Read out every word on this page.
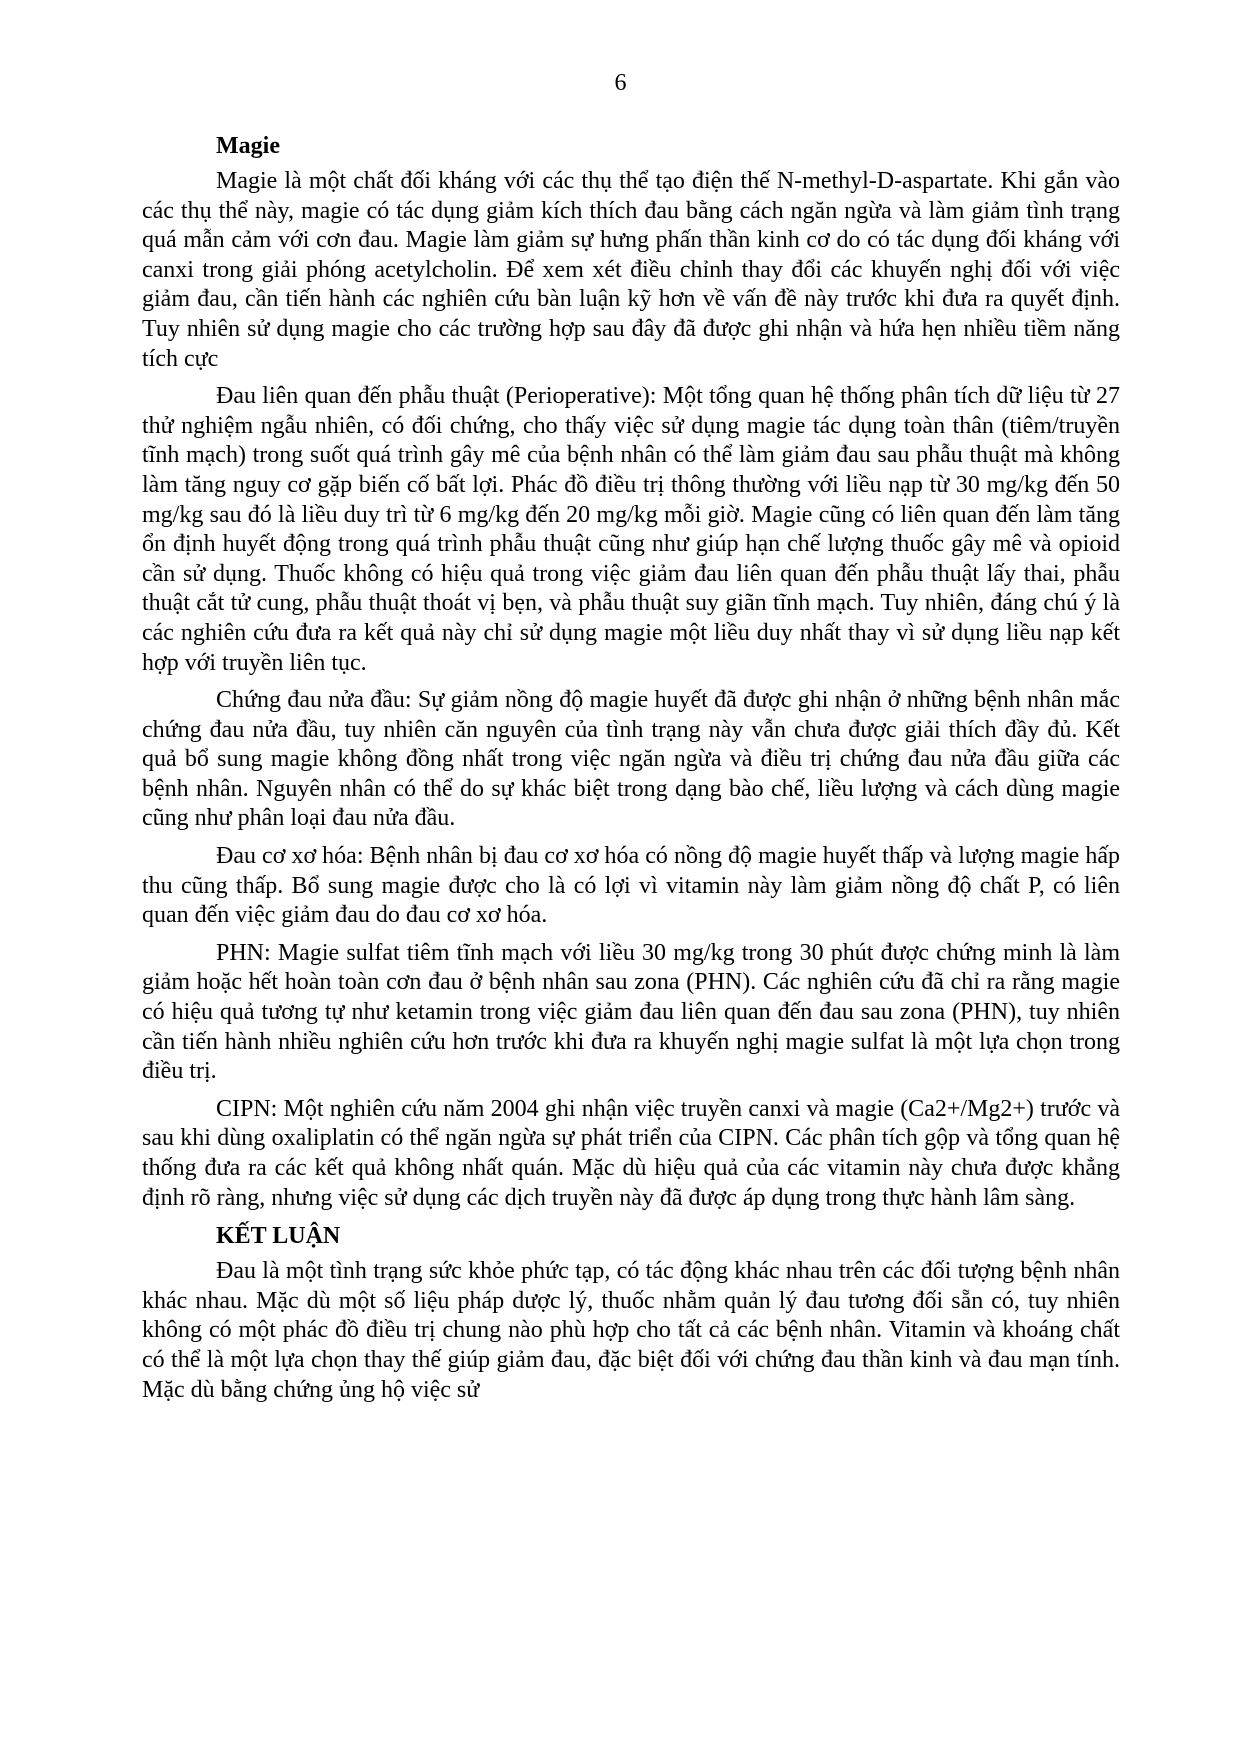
6
Magie

Magie là một chất đối kháng với các thụ thể tạo điện thế N-methyl-D-aspartate. Khi gắn vào các thụ thể này, magie có tác dụng giảm kích thích đau bằng cách ngăn ngừa và làm giảm tình trạng quá mẫn cảm với cơn đau. Magie làm giảm sự hưng phấn thần kinh cơ do có tác dụng đối kháng với canxi trong giải phóng acetylcholin. Để xem xét điều chỉnh thay đổi các khuyến nghị đối với việc giảm đau, cần tiến hành các nghiên cứu bàn luận kỹ hơn về vấn đề này trước khi đưa ra quyết định. Tuy nhiên sử dụng magie cho các trường hợp sau đây đã được ghi nhận và hứa hẹn nhiều tiềm năng tích cực

Đau liên quan đến phẫu thuật (Perioperative): Một tổng quan hệ thống phân tích dữ liệu từ 27 thử nghiệm ngẫu nhiên, có đối chứng, cho thấy việc sử dụng magie tác dụng toàn thân (tiêm/truyền tĩnh mạch) trong suốt quá trình gây mê của bệnh nhân có thể làm giảm đau sau phẫu thuật mà không làm tăng nguy cơ gặp biến cố bất lợi. Phác đồ điều trị thông thường với liều nạp từ 30 mg/kg đến 50 mg/kg sau đó là liều duy trì từ 6 mg/kg đến 20 mg/kg mỗi giờ. Magie cũng có liên quan đến làm tăng ổn định huyết động trong quá trình phẫu thuật cũng như giúp hạn chế lượng thuốc gây mê và opioid cần sử dụng. Thuốc không có hiệu quả trong việc giảm đau liên quan đến phẫu thuật lấy thai, phẫu thuật cắt tử cung, phẫu thuật thoát vị bẹn, và phẫu thuật suy giãn tĩnh mạch. Tuy nhiên, đáng chú ý là các nghiên cứu đưa ra kết quả này chỉ sử dụng magie một liều duy nhất thay vì sử dụng liều nạp kết hợp với truyền liên tục.

Chứng đau nửa đầu: Sự giảm nồng độ magie huyết đã được ghi nhận ở những bệnh nhân mắc chứng đau nửa đầu, tuy nhiên căn nguyên của tình trạng này vẫn chưa được giải thích đầy đủ. Kết quả bổ sung magie không đồng nhất trong việc ngăn ngừa và điều trị chứng đau nửa đầu giữa các bệnh nhân. Nguyên nhân có thể do sự khác biệt trong dạng bào chế, liều lượng và cách dùng magie cũng như phân loại đau nửa đầu.

Đau cơ xơ hóa: Bệnh nhân bị đau cơ xơ hóa có nồng độ magie huyết thấp và lượng magie hấp thu cũng thấp. Bổ sung magie được cho là có lợi vì vitamin này làm giảm nồng độ chất P, có liên quan đến việc giảm đau do đau cơ xơ hóa.

PHN: Magie sulfat tiêm tĩnh mạch với liều 30 mg/kg trong 30 phút được chứng minh là làm giảm hoặc hết hoàn toàn cơn đau ở bệnh nhân sau zona (PHN). Các nghiên cứu đã chỉ ra rằng magie có hiệu quả tương tự như ketamin trong việc giảm đau liên quan đến đau sau zona (PHN), tuy nhiên cần tiến hành nhiều nghiên cứu hơn trước khi đưa ra khuyến nghị magie sulfat là một lựa chọn trong điều trị.

CIPN: Một nghiên cứu năm 2004 ghi nhận việc truyền canxi và magie (Ca2+/Mg2+) trước và sau khi dùng oxaliplatin có thể ngăn ngừa sự phát triển của CIPN. Các phân tích gộp và tổng quan hệ thống đưa ra các kết quả không nhất quán. Mặc dù hiệu quả của các vitamin này chưa được khẳng định rõ ràng, nhưng việc sử dụng các dịch truyền này đã được áp dụng trong thực hành lâm sàng.

KẾT LUẬN

Đau là một tình trạng sức khỏe phức tạp, có tác động khác nhau trên các đối tượng bệnh nhân khác nhau. Mặc dù một số liệu pháp dược lý, thuốc nhằm quản lý đau tương đối sẵn có, tuy nhiên không có một phác đồ điều trị chung nào phù hợp cho tất cả các bệnh nhân. Vitamin và khoáng chất có thể là một lựa chọn thay thế giúp giảm đau, đặc biệt đối với chứng đau thần kinh và đau mạn tính. Mặc dù bằng chứng ủng hộ việc sử
